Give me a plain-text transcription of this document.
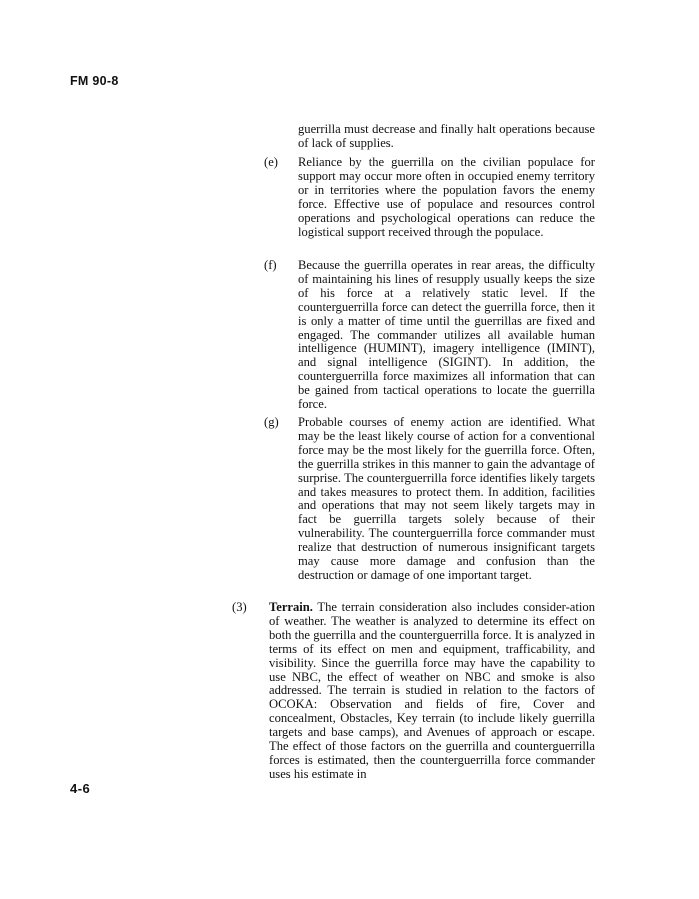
FM 90-8
guerrilla must decrease and finally halt operations because of lack of supplies.
(e) Reliance by the guerrilla on the civilian populace for support may occur more often in occupied enemy territory or in territories where the population favors the enemy force. Effective use of populace and resources control operations and psychological operations can reduce the logistical support received through the populace.
(f) Because the guerrilla operates in rear areas, the difficulty of maintaining his lines of resupply usually keeps the size of his force at a relatively static level. If the counterguerrilla force can detect the guerrilla force, then it is only a matter of time until the guerrillas are fixed and engaged. The commander utilizes all available human intelligence (HUMINT), imagery intelligence (IMINT), and signal intelligence (SIGINT). In addition, the counterguerrilla force maximizes all information that can be gained from tactical operations to locate the guerrilla force.
(g) Probable courses of enemy action are identified. What may be the least likely course of action for a conventional force may be the most likely for the guerrilla force. Often, the guerrilla strikes in this manner to gain the advantage of surprise. The counterguerrilla force identifies likely targets and takes measures to protect them. In addition, facilities and operations that may not seem likely targets may in fact be guerrilla targets solely because of their vulnerability. The counterguerrilla force commander must realize that destruction of numerous insignificant targets may cause more damage and confusion than the destruction or damage of one important target.
(3) Terrain. The terrain consideration also includes consider-ation of weather. The weather is analyzed to determine its effect on both the guerrilla and the counterguerrilla force. It is analyzed in terms of its effect on men and equipment, trafficability, and visibility. Since the guerrilla force may have the capability to use NBC, the effect of weather on NBC and smoke is also addressed. The terrain is studied in relation to the factors of OCOKA: Observation and fields of fire, Cover and concealment, Obstacles, Key terrain (to include likely guerrilla targets and base camps), and Avenues of approach or escape. The effect of those factors on the guerrilla and counterguerrilla forces is estimated, then the counterguerrilla force commander uses his estimate in
4-6
